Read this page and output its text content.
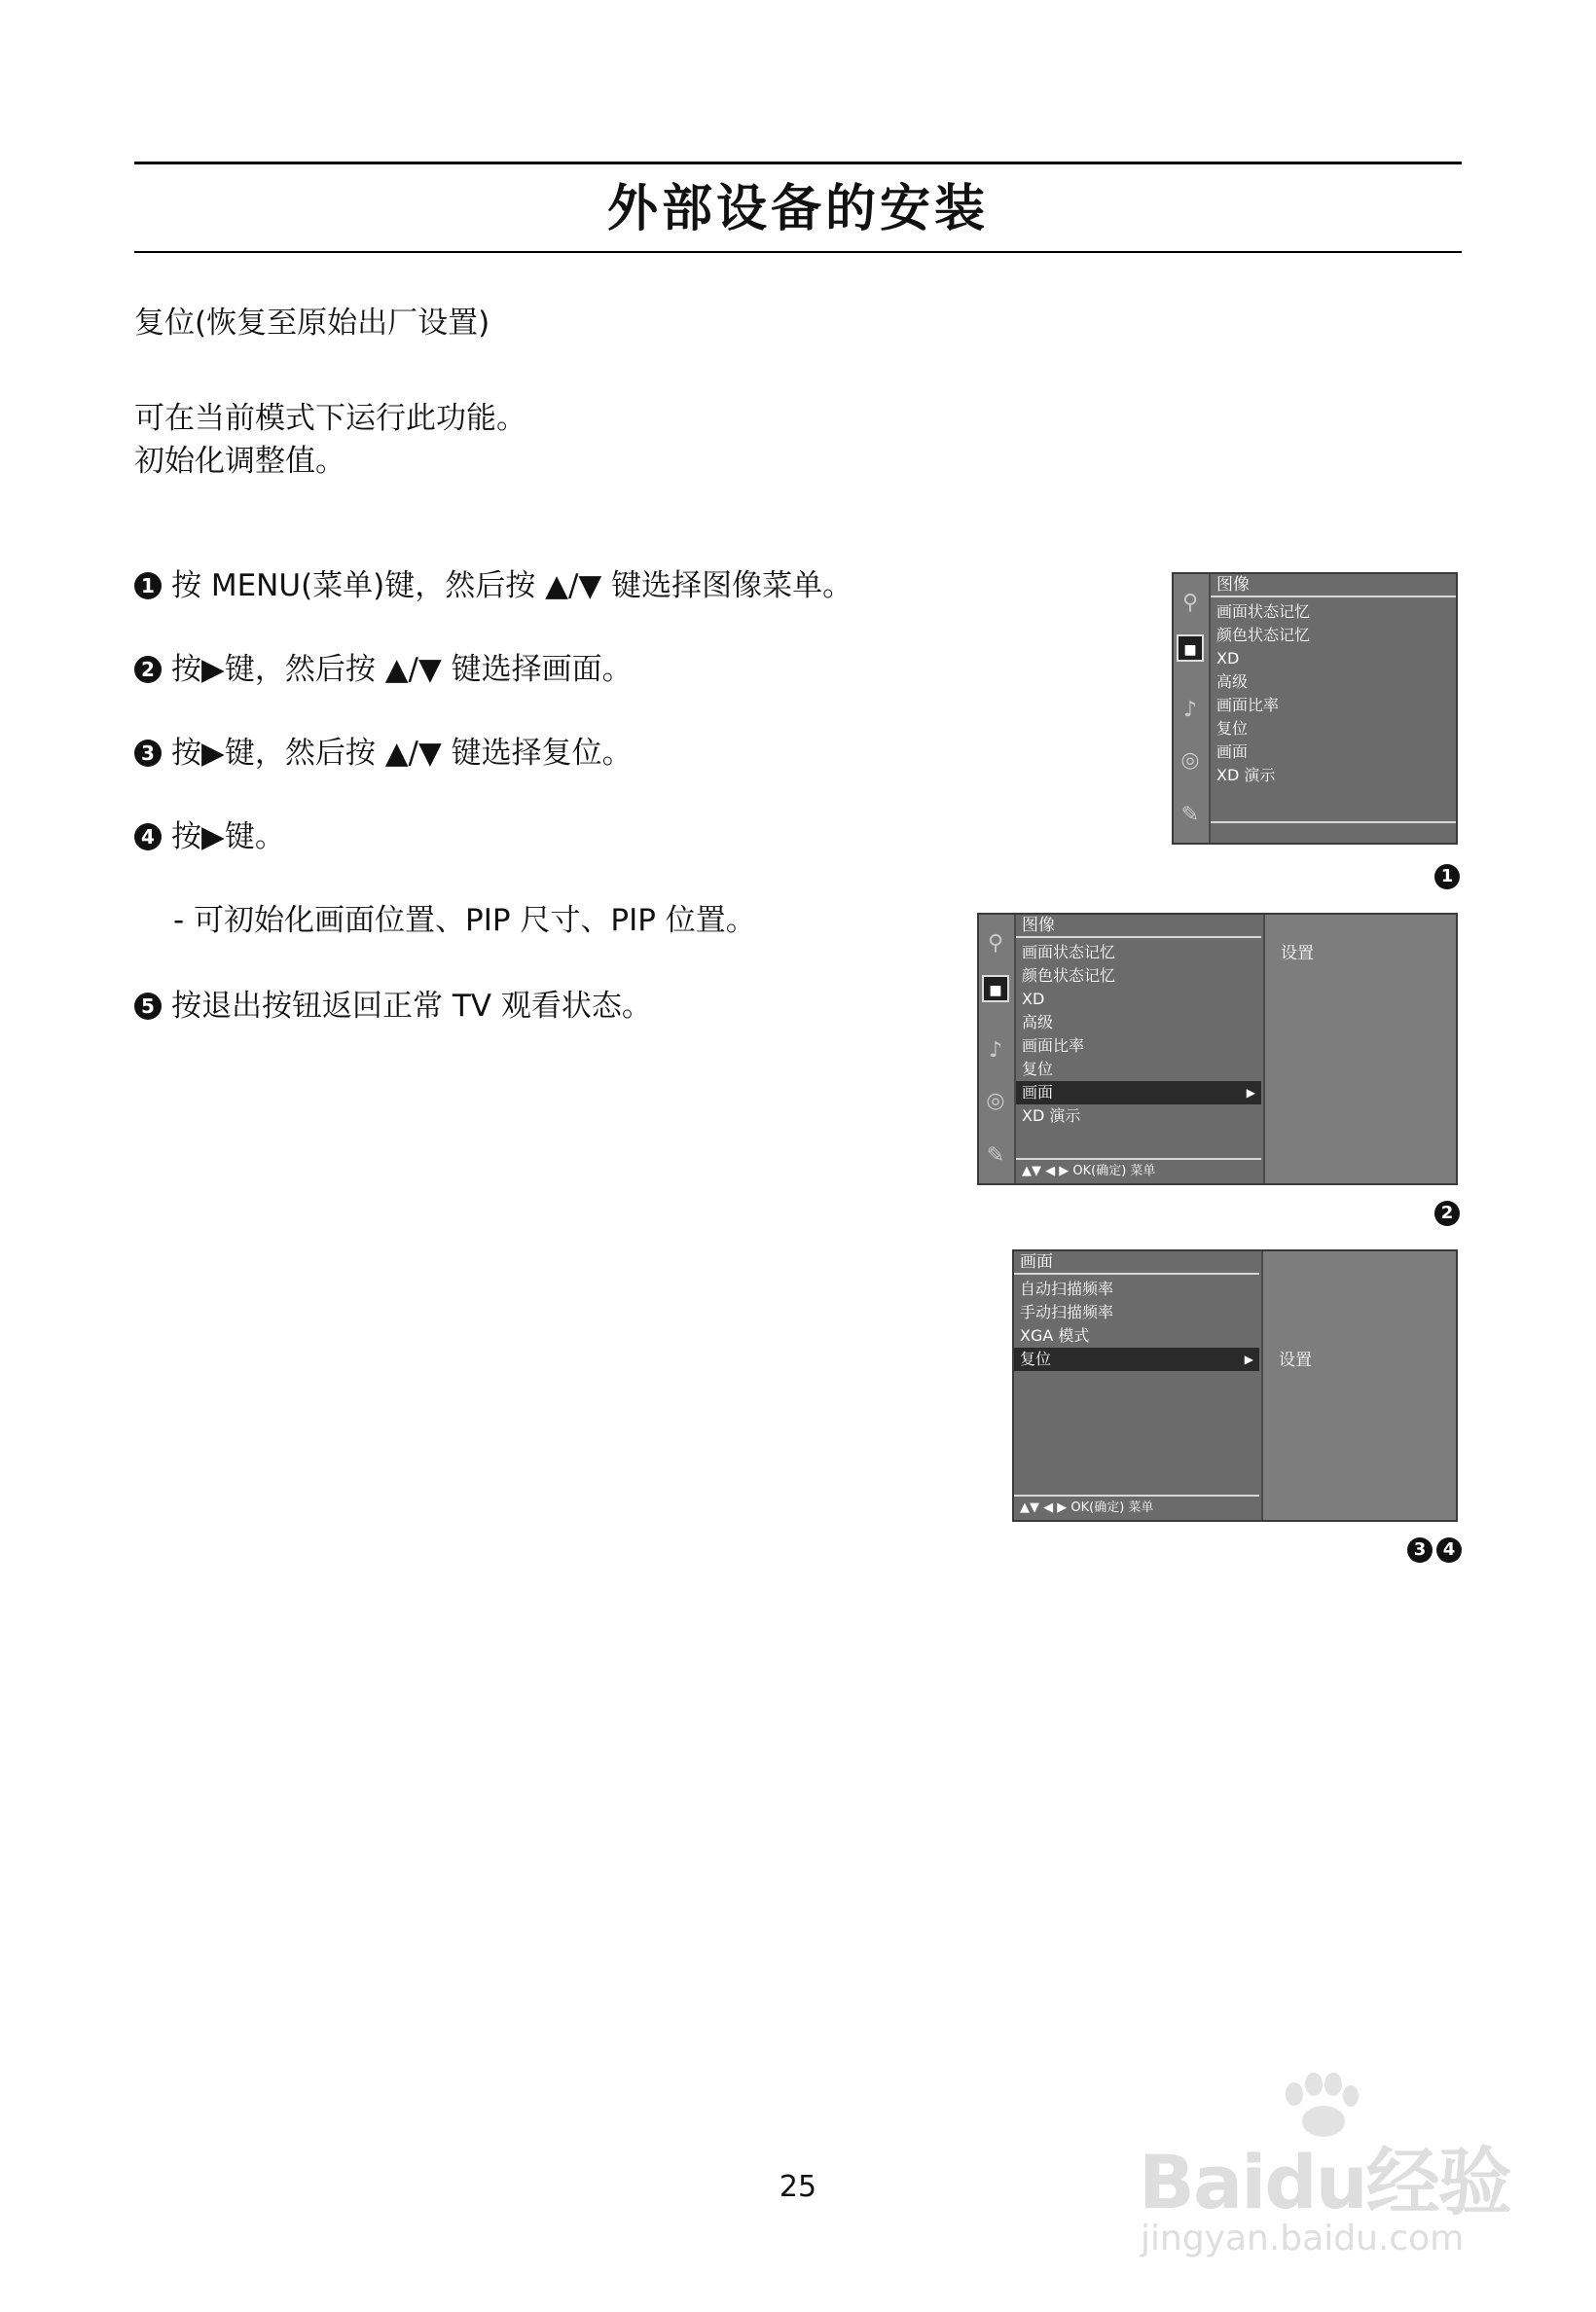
外部设备的安装
复位(恢复至原始出厂设置)
可在当前模式下运行此功能。
初始化调整值。
1 按 MENU(菜单)键，然后按 ▲/▼ 键选择图像菜单。
2 按▶键，然后按 ▲/▼ 键选择画面。
3 按▶键，然后按 ▲/▼ 键选择复位。
4 按▶键。
- 可初始化画面位置、PIP 尺寸、PIP 位置。
5 按退出按钮返回正常 TV 观看状态。
⚲
■
♪
◎
✎
图像
画面状态记忆
颜色状态记忆
XD
高级
画面比率
复位
画面
XD 演示
1
⚲
■
♪
◎
✎
图像
画面状态记忆
颜色状态记忆
XD
高级
画面比率
复位
画面	▶
XD 演示
▲▼ ◀ ▶ OK(确定) 菜单
设置
2
画面
自动扫描频率
手动扫描频率
XGA 模式
复位	▶
▲▼ ◀ ▶ OK(确定) 菜单
设置
3 4
25	Baidu经验
jingyan.baidu.com
